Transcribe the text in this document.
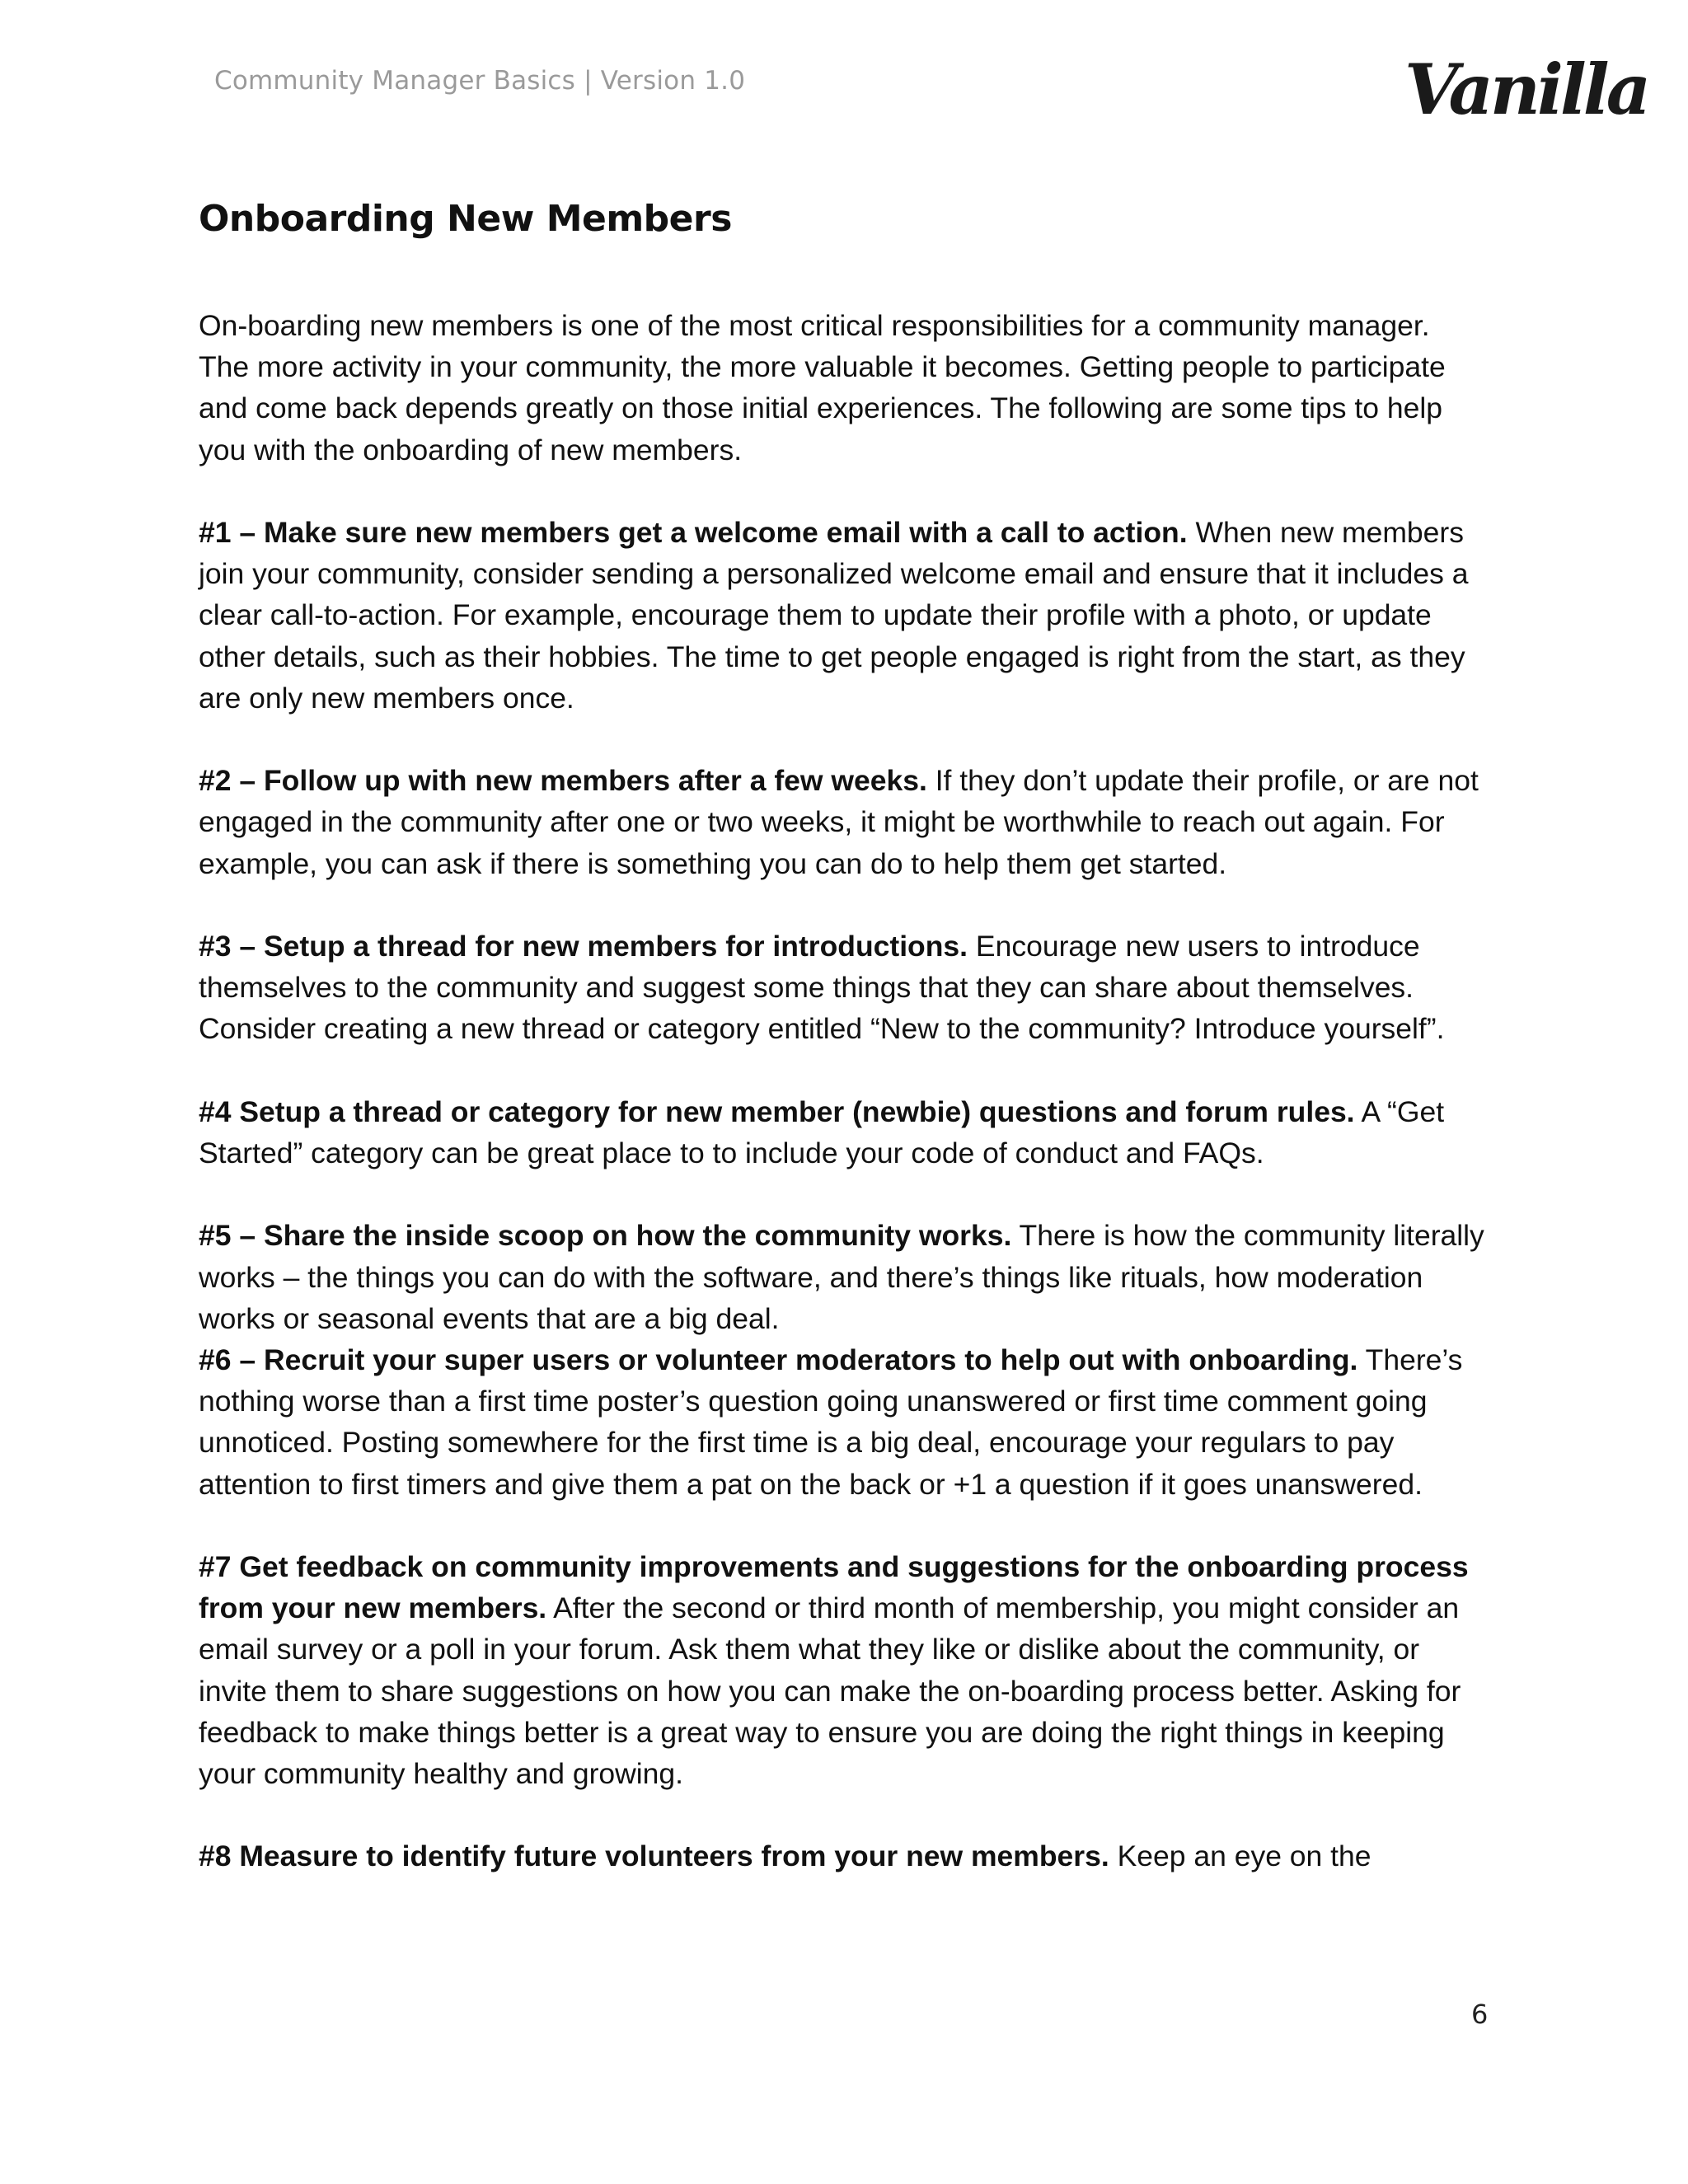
Community Manager Basics | Version 1.0	Vanilla
Onboarding New Members

On-boarding new members is one of the most critical responsibilities for a community manager. The more activity in your community, the more valuable it becomes. Getting people to participate and come back depends greatly on those initial experiences. The following are some tips to help you with the onboarding of new members.

#1 – Make sure new members get a welcome email with a call to action. When new members join your community, consider sending a personalized welcome email and ensure that it includes a clear call-to-action. For example, encourage them to update their profile with a photo, or update other details, such as their hobbies. The time to get people engaged is right from the start, as they are only new members once.

#2 – Follow up with new members after a few weeks. If they don’t update their profile, or are not engaged in the community after one or two weeks, it might be worthwhile to reach out again. For example, you can ask if there is something you can do to help them get started.

#3 – Setup a thread for new members for introductions. Encourage new users to introduce themselves to the community and suggest some things that they can share about themselves. Consider creating a new thread or category entitled “New to the community? Introduce yourself”.

#4 Setup a thread or category for new member (newbie) questions and forum rules. A “Get Started” category can be great place to to include your code of conduct and FAQs.

#5 – Share the inside scoop on how the community works. There is how the community literally works – the things you can do with the software, and there’s things like rituals, how moderation works or seasonal events that are a big deal.

#6 – Recruit your super users or volunteer moderators to help out with onboarding. There’s nothing worse than a first time poster’s question going unanswered or first time comment going unnoticed. Posting somewhere for the first time is a big deal, encourage your regulars to pay attention to first timers and give them a pat on the back or +1 a question if it goes unanswered.

#7 Get feedback on community improvements and suggestions for the onboarding process from your new members. After the second or third month of membership, you might consider an email survey or a poll in your forum. Ask them what they like or dislike about the community, or invite them to share suggestions on how you can make the on-boarding process better. Asking for feedback to make things better is a great way to ensure you are doing the right things in keeping your community healthy and growing.

#8 Measure to identify future volunteers from your new members. Keep an eye on the

6
